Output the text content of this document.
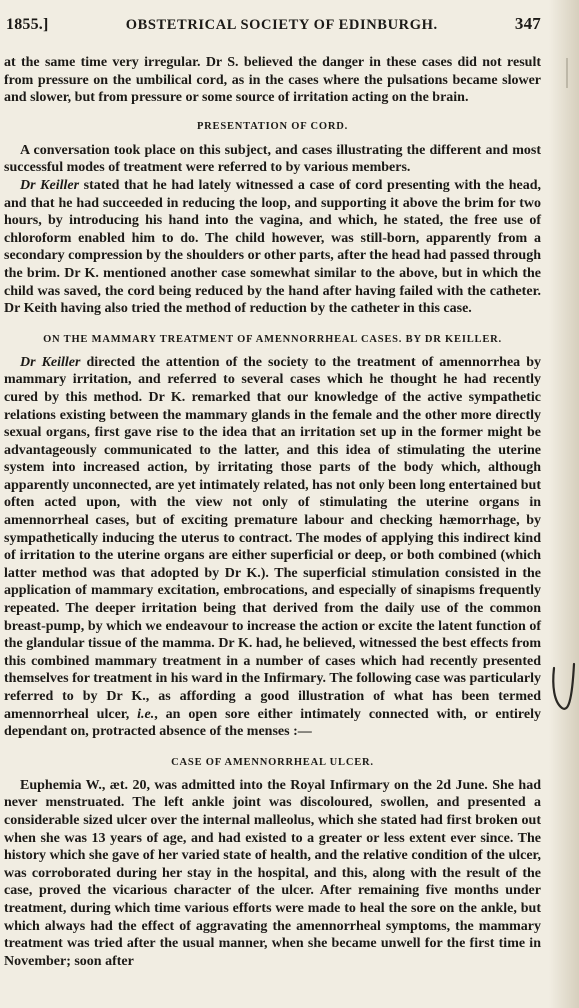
1855.]	OBSTETRICAL SOCIETY OF EDINBURGH.	347

at the same time very irregular. Dr S. believed the danger in these cases did not result from pressure on the umbilical cord, as in the cases where the pulsations became slower and slower, but from pressure or some source of irritation acting on the brain.

PRESENTATION OF CORD.

A conversation took place on this subject, and cases illustrating the different and most successful modes of treatment were referred to by various members.

Dr Keiller stated that he had lately witnessed a case of cord presenting with the head, and that he had succeeded in reducing the loop, and supporting it above the brim for two hours, by introducing his hand into the vagina, and which, he stated, the free use of chloroform enabled him to do. The child however, was still-born, apparently from a secondary compression by the shoulders or other parts, after the head had passed through the brim. Dr K. mentioned another case somewhat similar to the above, but in which the child was saved, the cord being reduced by the hand after having failed with the catheter. Dr Keith having also tried the method of reduction by the catheter in this case.

ON THE MAMMARY TREATMENT OF AMENNORRHEAL CASES. BY DR KEILLER.

Dr Keiller directed the attention of the society to the treatment of amennorrhea by mammary irritation, and referred to several cases which he thought he had recently cured by this method. Dr K. remarked that our knowledge of the active sympathetic relations existing between the mammary glands in the female and the other more directly sexual organs, first gave rise to the idea that an irritation set up in the former might be advantageously communicated to the latter, and this idea of stimulating the uterine system into increased action, by irritating those parts of the body which, although apparently unconnected, are yet intimately related, has not only been long entertained but often acted upon, with the view not only of stimulating the uterine organs in amennorrheal cases, but of exciting premature labour and checking hæmorrhage, by sympathetically inducing the uterus to contract. The modes of applying this indirect kind of irritation to the uterine organs are either superficial or deep, or both combined (which latter method was that adopted by Dr K.). The superficial stimulation consisted in the application of mammary excitation, embrocations, and especially of sinapisms frequently repeated. The deeper irritation being that derived from the daily use of the common breast-pump, by which we endeavour to increase the action or excite the latent function of the glandular tissue of the mamma. Dr K. had, he believed, witnessed the best effects from this combined mammary treatment in a number of cases which had recently presented themselves for treatment in his ward in the Infirmary. The following case was particularly referred to by Dr K., as affording a good illustration of what has been termed amennorrheal ulcer, i.e., an open sore either intimately connected with, or entirely dependant on, protracted absence of the menses :—

CASE OF AMENNORRHEAL ULCER.

Euphemia W., æt. 20, was admitted into the Royal Infirmary on the 2d June. She had never menstruated. The left ankle joint was discoloured, swollen, and presented a considerable sized ulcer over the internal malleolus, which she stated had first broken out when she was 13 years of age, and had existed to a greater or less extent ever since. The history which she gave of her varied state of health, and the relative condition of the ulcer, was corroborated during her stay in the hospital, and this, along with the result of the case, proved the vicarious character of the ulcer. After remaining five months under treatment, during which time various efforts were made to heal the sore on the ankle, but which always had the effect of aggravating the amennorrheal symptoms, the mammary treatment was tried after the usual manner, when she became unwell for the first time in November; soon after
